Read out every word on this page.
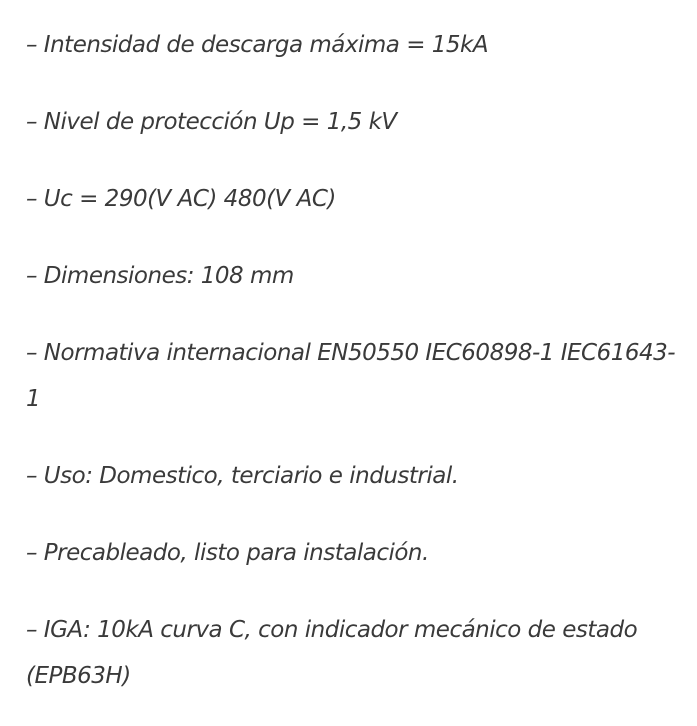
– Intensidad de descarga máxima = 15kA
– Nivel de protección Up = 1,5 kV
– Uc = 290(V AC) 480(V AC)
– Dimensiones: 108 mm
– Normativa internacional EN50550 IEC60898-1 IEC61643-1
– Uso: Domestico, terciario e industrial.
– Precableado, listo para instalación.
– IGA: 10kA curva C, con indicador mecánico de estado (EPB63H)
